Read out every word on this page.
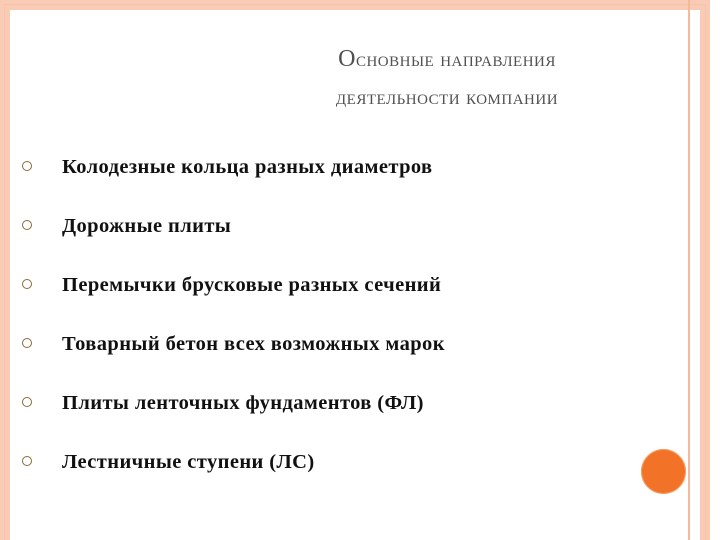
Основные направления
деятельности компании
Колодезные кольца разных диаметров
Дорожные плиты
Перемычки брусковые разных сечений
Товарный бетон всех возможных марок
Плиты ленточных фундаментов (ФЛ)
Лестничные ступени (ЛС)
